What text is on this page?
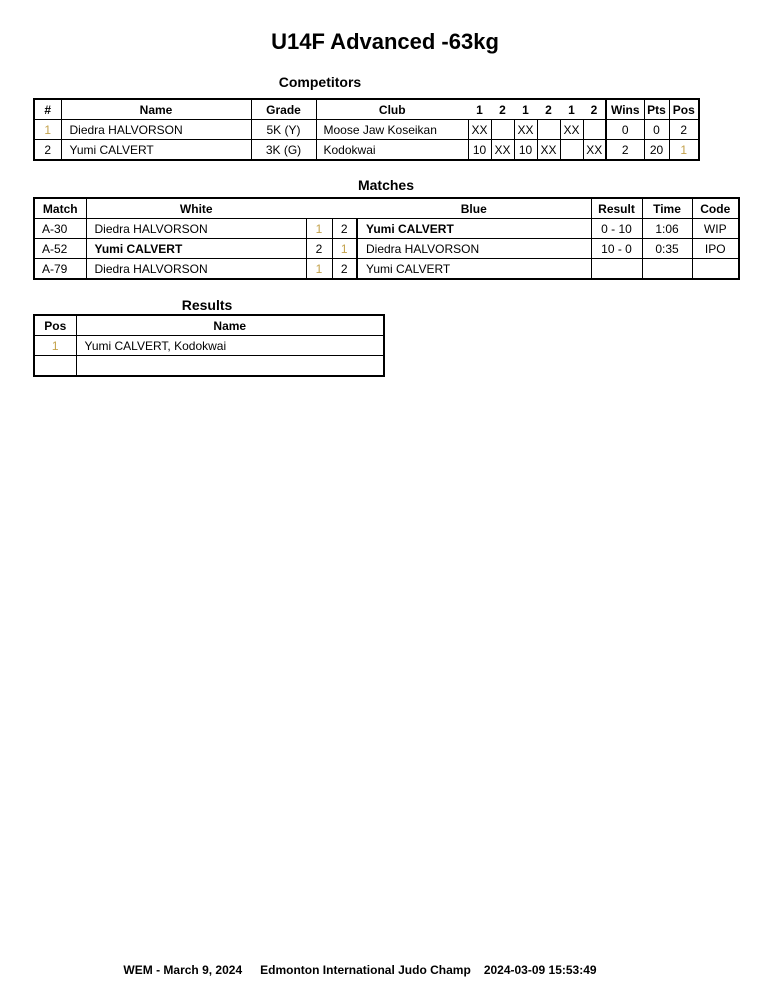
U14F Advanced -63kg
Competitors
#	Name	Grade	Club	1	2	1	2	1	2	Wins	Pts	Pos
1	Diedra HALVORSON	5K (Y)	Moose Jaw Koseikan	XX		XX		XX		0	0	2
2	Yumi CALVERT	3K (G)	Kodokwai	10	XX	10	XX		XX	2	20	1
Matches
Match	White			Blue	Result	Time	Code
A-30	Diedra HALVORSON	1	2	Yumi CALVERT	0 - 10	1:06	WIP
A-52	Yumi CALVERT	2	1	Diedra HALVORSON	10 - 0	0:35	IPO
A-79	Diedra HALVORSON	1	2	Yumi CALVERT			
Results
Pos	Name
1	Yumi CALVERT, Kodokwai

WEM - March 9, 2024 Edmonton International Judo Champ 2024-03-09 15:53:49
